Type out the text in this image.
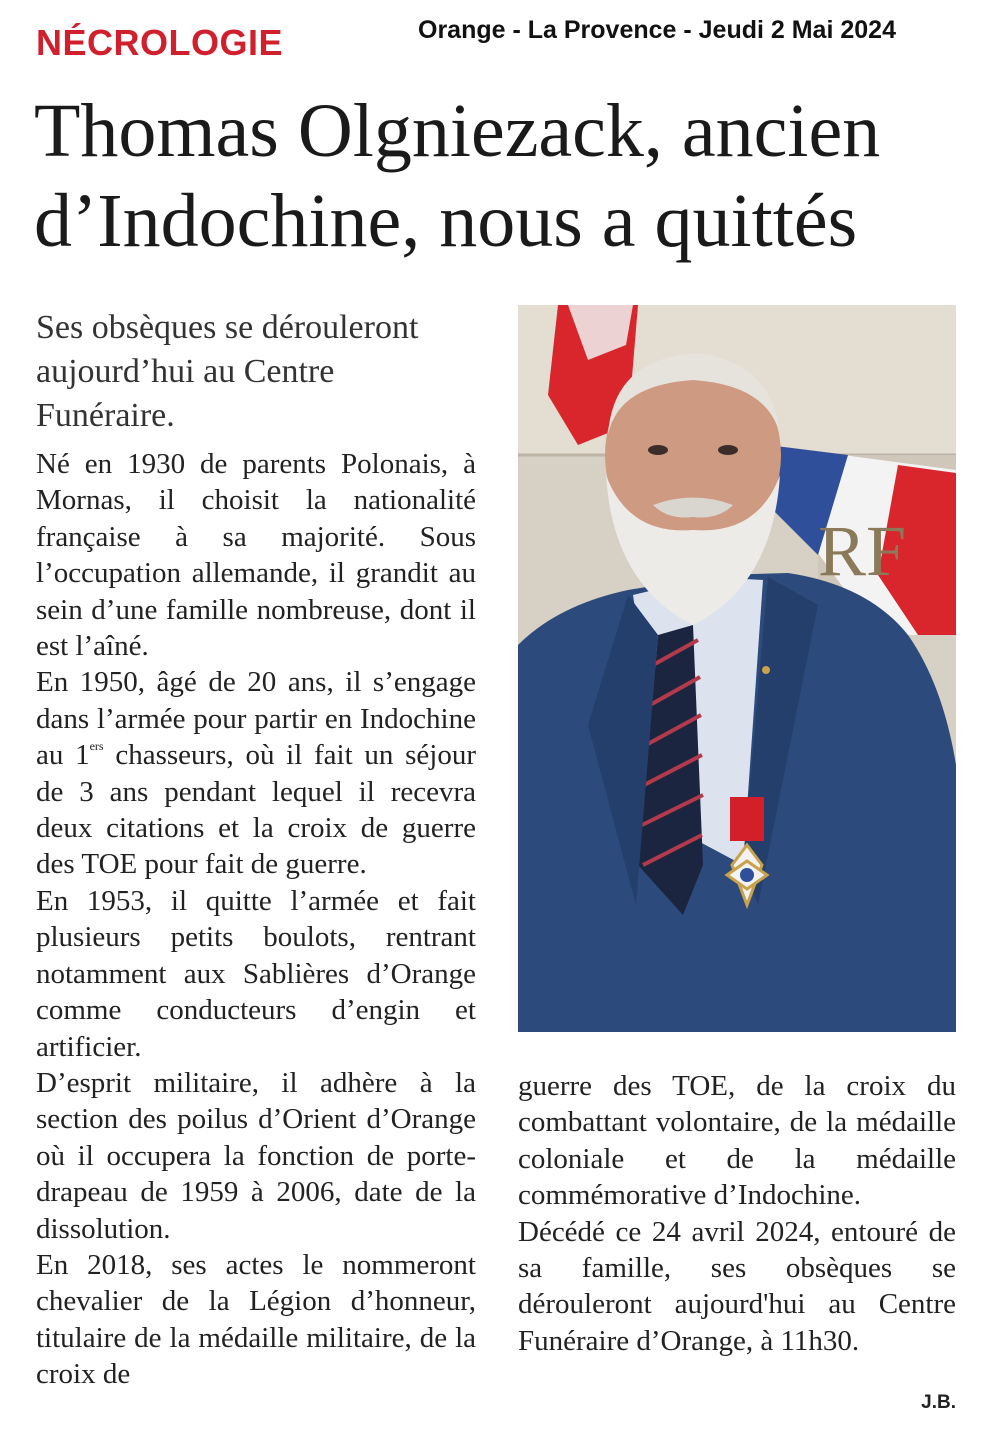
NÉCROLOGIE	Orange - La Provence - Jeudi 2 Mai 2024
Thomas Olgniezack, ancien
d’Indochine, nous a quittés
Ses obsèques se dérouleront aujourd’hui au Centre Funéraire.

Né en 1930 de parents Polonais, à Mornas, il choisit la nationalité française à sa majorité. Sous l’occupation allemande, il grandit au sein d’une famille nombreuse, dont il est l’aîné.

En 1950, âgé de 20 ans, il s’engage dans l’armée pour partir en Indochine au 1ers chasseurs, où il fait un séjour de 3 ans pendant lequel il recevra deux citations et la croix de guerre des TOE pour fait de guerre.

En 1953, il quitte l’armée et fait plusieurs petits boulots, rentrant notamment aux Sablières d’Orange comme conducteurs d’engin et artificier.

D’esprit militaire, il adhère à la section des poilus d’Orient d’Orange où il occupera la fonction de porte-drapeau de 1959 à 2006, date de la dissolution.

En 2018, ses actes le nommeront chevalier de la Légion d’honneur, titulaire de la médaille militaire, de la croix de

RF

guerre des TOE, de la croix du combattant volontaire, de la médaille coloniale et de la médaille commémorative d’Indochine.

Décédé ce 24 avril 2024, entouré de sa famille, ses obsèques se dérouleront aujourd'hui au Centre Funéraire d’Orange, à 11h30.

J.B.
